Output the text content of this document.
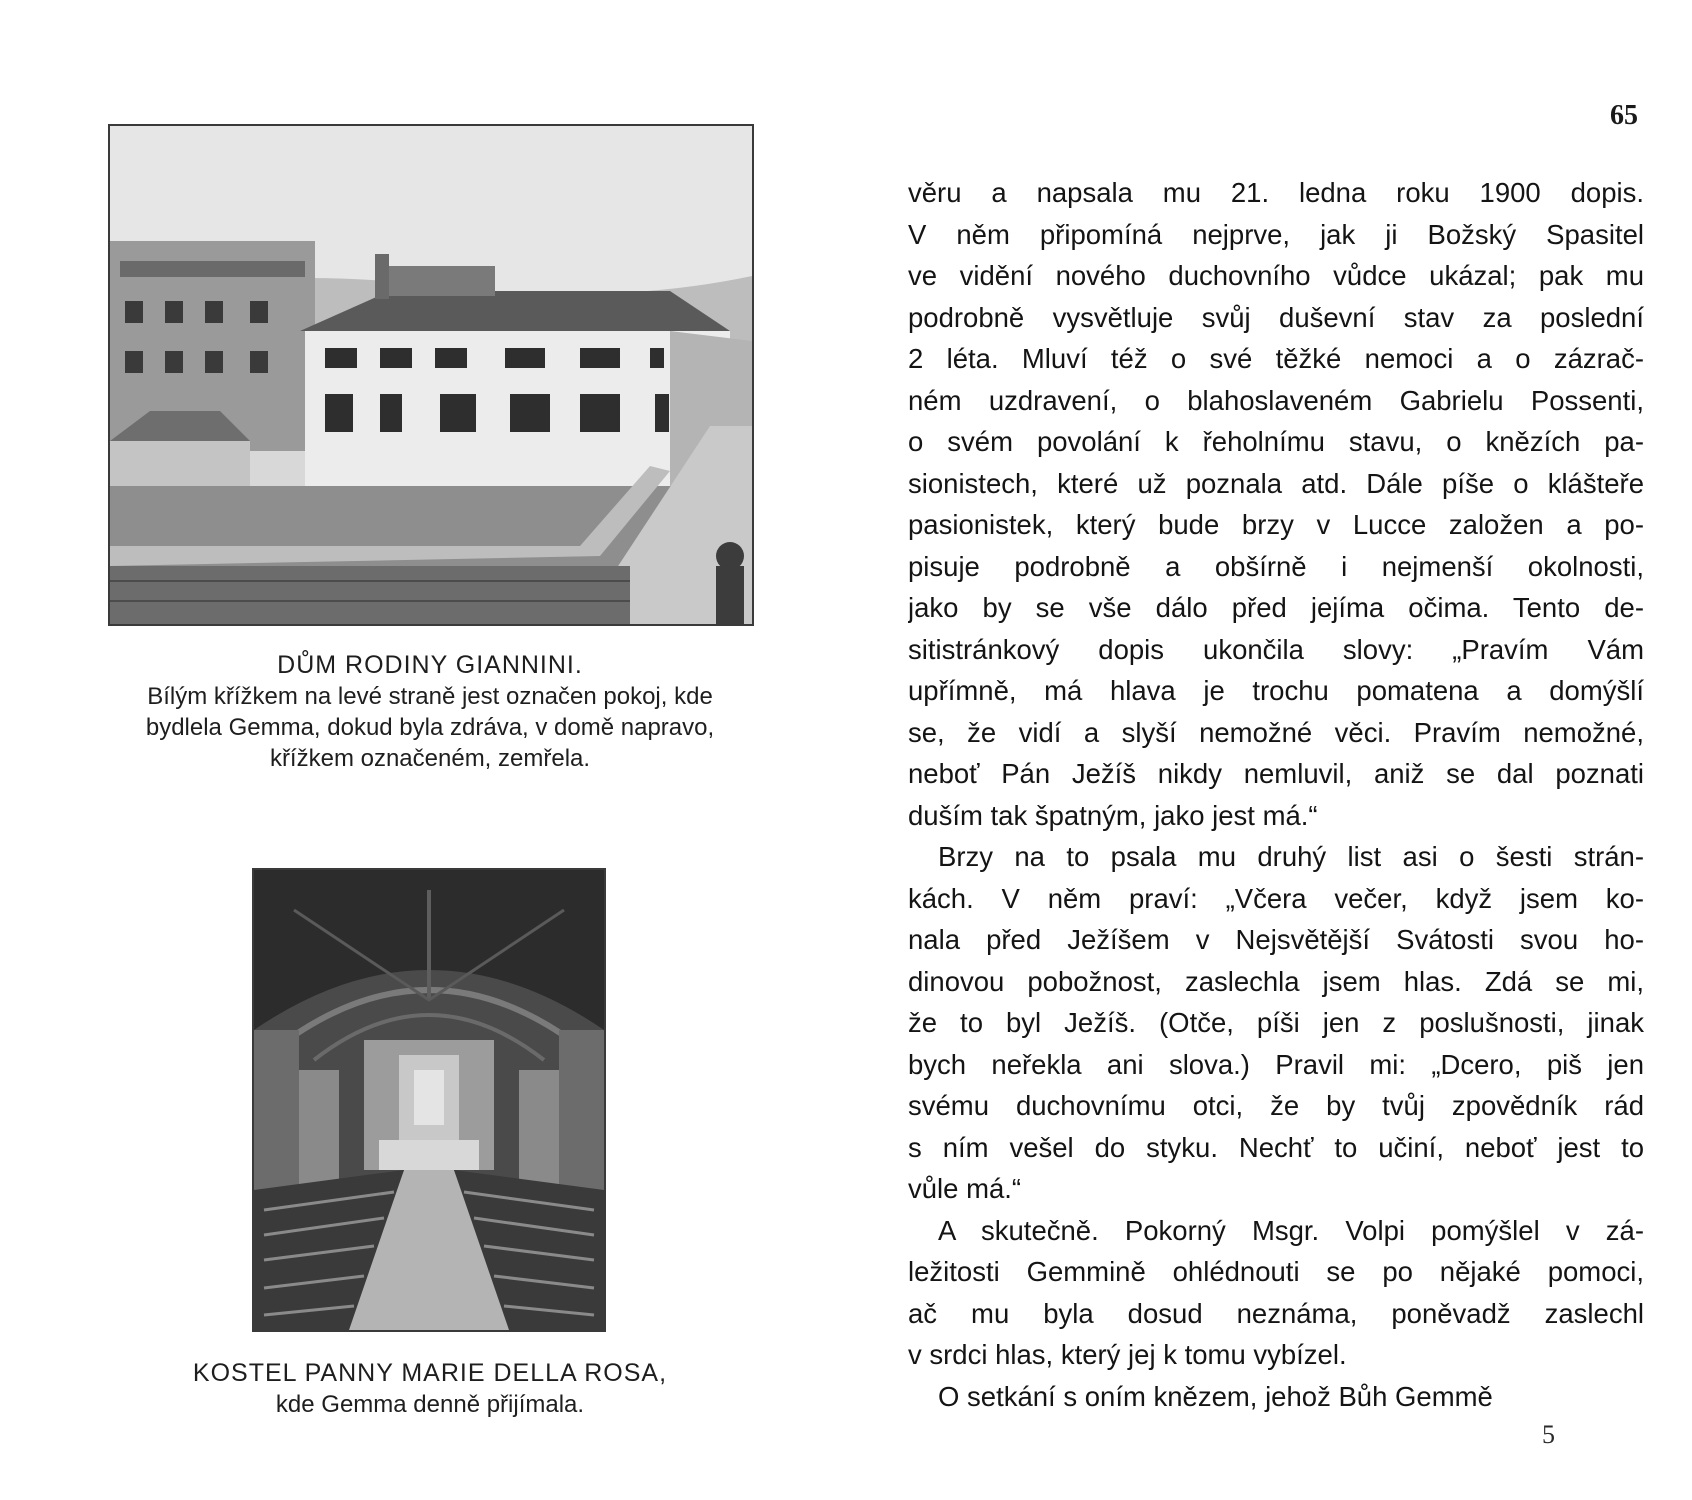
DŮM RODINY GIANNINI.
Bílým křížkem na levé straně jest označen pokoj, kde
bydlela Gemma, dokud byla zdráva, v domě napravo,
křížkem označeném, zemřela.
KOSTEL PANNY MARIE DELLA ROSA,
kde Gemma denně přijímala.
65
věru a napsala mu 21. ledna roku 1900 dopis.
V něm připomíná nejprve, jak ji Božský Spasitel
ve vidění nového duchovního vůdce ukázal; pak mu
podrobně vysvětluje svůj duševní stav za poslední
2 léta. Mluví též o své těžké nemoci a o zázrač-
ném uzdravení, o blahoslaveném Gabrielu Possenti,
o svém povolání k řeholnímu stavu, o knězích pa-
sionistech, které už poznala atd. Dále píše o klášteře
pasionistek, který bude brzy v Lucce založen a po-
pisuje podrobně a obšírně i nejmenší okolnosti,
jako by se vše dálo před jejíma očima. Tento de-
sitistránkový dopis ukončila slovy: „Pravím Vám
upřímně, má hlava je trochu pomatena a domýšlí
se, že vidí a slyší nemožné věci. Pravím nemožné,
neboť Pán Ježíš nikdy nemluvil, aniž se dal poznati
duším tak špatným, jako jest má.“
Brzy na to psala mu druhý list asi o šesti strán-
kách. V něm praví: „Včera večer, když jsem ko-
nala před Ježíšem v Nejsvětější Svátosti svou ho-
dinovou pobožnost, zaslechla jsem hlas. Zdá se mi,
že to byl Ježíš. (Otče, píši jen z poslušnosti, jinak
bych neřekla ani slova.) Pravil mi: „Dcero, piš jen
svému duchovnímu otci, že by tvůj zpovědník rád
s ním vešel do styku. Nechť to učiní, neboť jest to
vůle má.“
A skutečně. Pokorný Msgr. Volpi pomýšlel v zá-
ležitosti Gemmině ohlédnouti se po nějaké pomoci,
ač mu byla dosud neznáma, poněvadž zaslechl
v srdci hlas, který jej k tomu vybízel.
O setkání s oním knězem, jehož Bůh Gemmě
5
